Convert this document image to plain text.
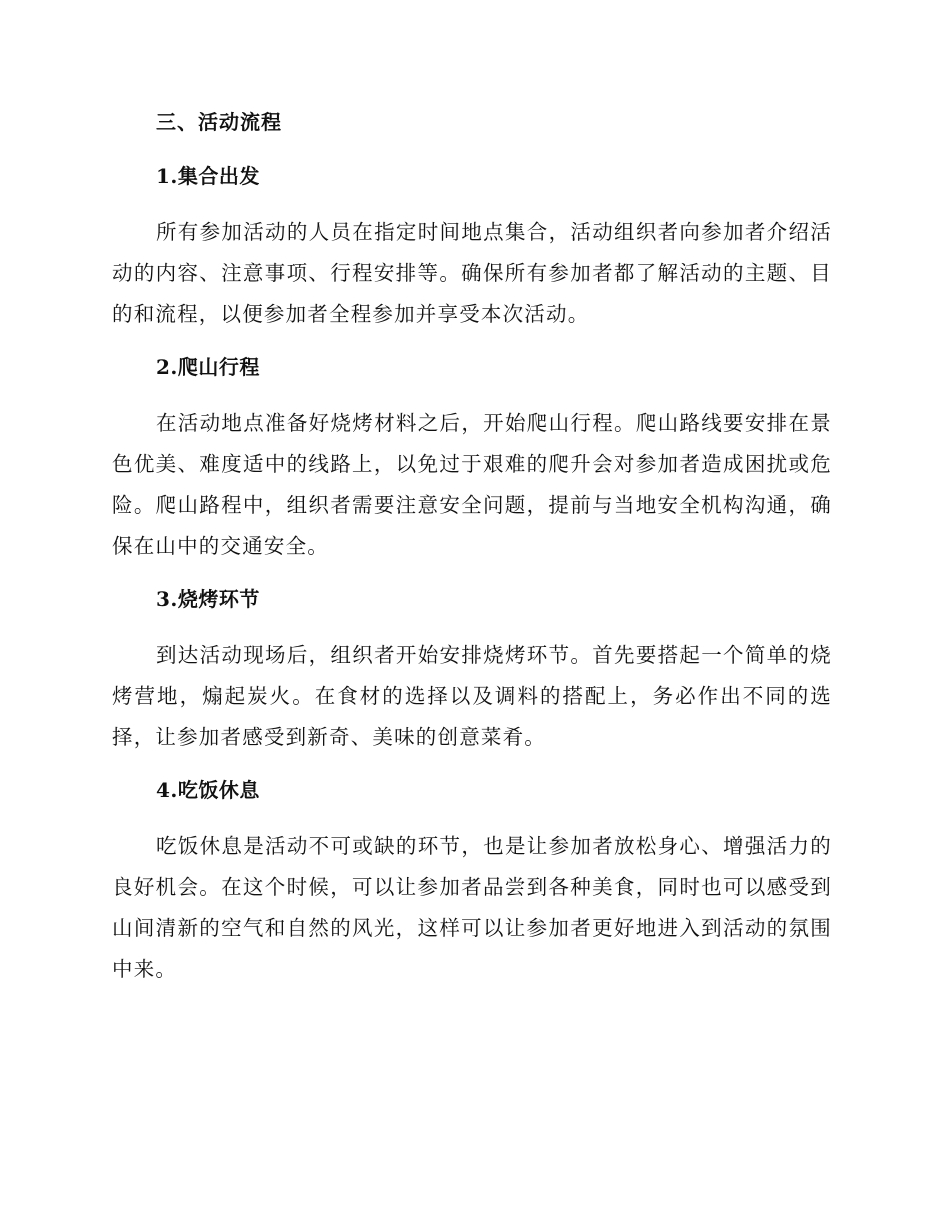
三、活动流程
1.集合出发

所有参加活动的人员在指定时间地点集合，活动组织者向参加者介绍活动的内容、注意事项、行程安排等。确保所有参加者都了解活动的主题、目的和流程，以便参加者全程参加并享受本次活动。

2.爬山行程

在活动地点准备好烧烤材料之后，开始爬山行程。爬山路线要安排在景色优美、难度适中的线路上，以免过于艰难的爬升会对参加者造成困扰或危险。爬山路程中，组织者需要注意安全问题，提前与当地安全机构沟通，确保在山中的交通安全。

3.烧烤环节

到达活动现场后，组织者开始安排烧烤环节。首先要搭起一个简单的烧烤营地，煽起炭火。在食材的选择以及调料的搭配上，务必作出不同的选择，让参加者感受到新奇、美味的创意菜肴。

4.吃饭休息

吃饭休息是活动不可或缺的环节，也是让参加者放松身心、增强活力的良好机会。在这个时候，可以让参加者品尝到各种美食，同时也可以感受到山间清新的空气和自然的风光，这样可以让参加者更好地进入到活动的氛围中来。
